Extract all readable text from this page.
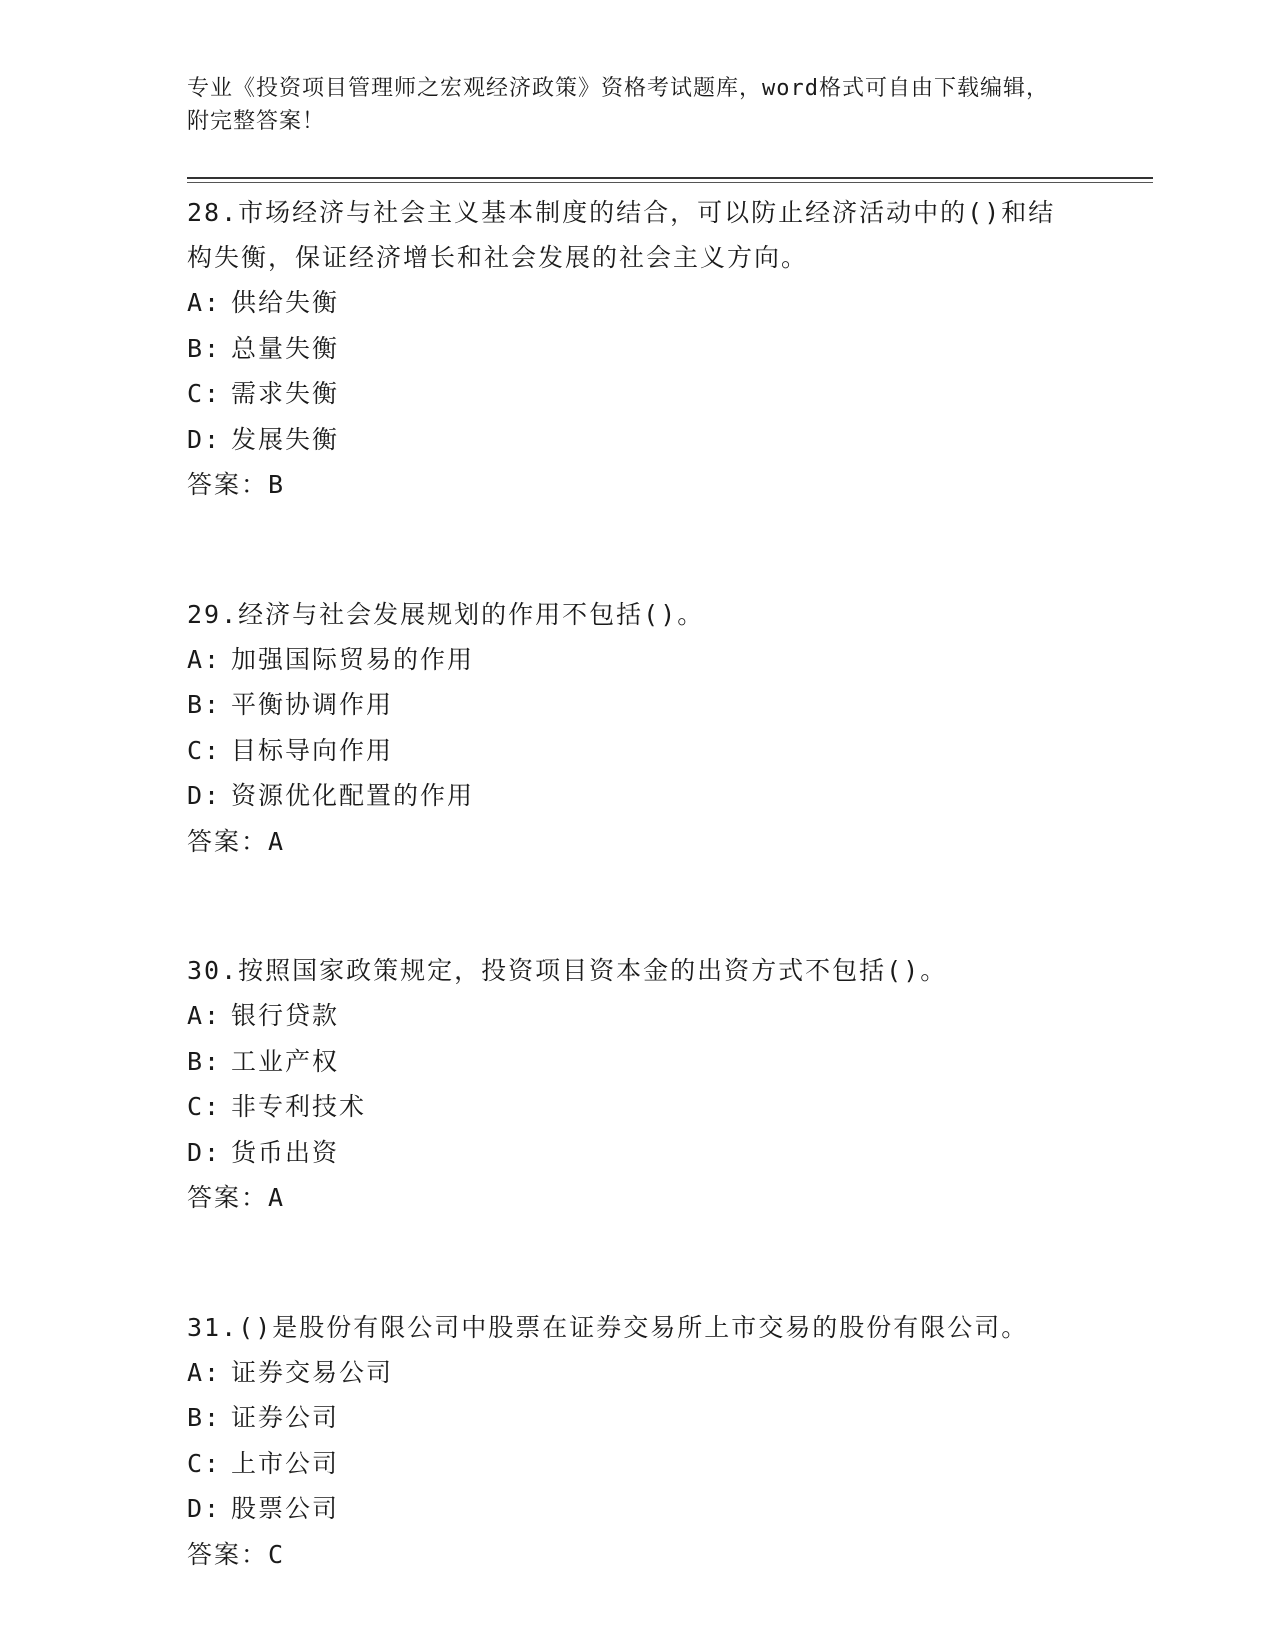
专业《投资项目管理师之宏观经济政策》资格考试题库，word格式可自由下载编辑，附完整答案！
28.市场经济与社会主义基本制度的结合，可以防止经济活动中的()和结构失衡，保证经济增长和社会发展的社会主义方向。
A: 供给失衡
B: 总量失衡
C: 需求失衡
D: 发展失衡
答案：B
29.经济与社会发展规划的作用不包括()。
A: 加强国际贸易的作用
B: 平衡协调作用
C: 目标导向作用
D: 资源优化配置的作用
答案：A
30.按照国家政策规定，投资项目资本金的出资方式不包括()。
A: 银行贷款
B: 工业产权
C: 非专利技术
D: 货币出资
答案：A
31.()是股份有限公司中股票在证券交易所上市交易的股份有限公司。
A: 证券交易公司
B: 证券公司
C: 上市公司
D: 股票公司
答案：C
